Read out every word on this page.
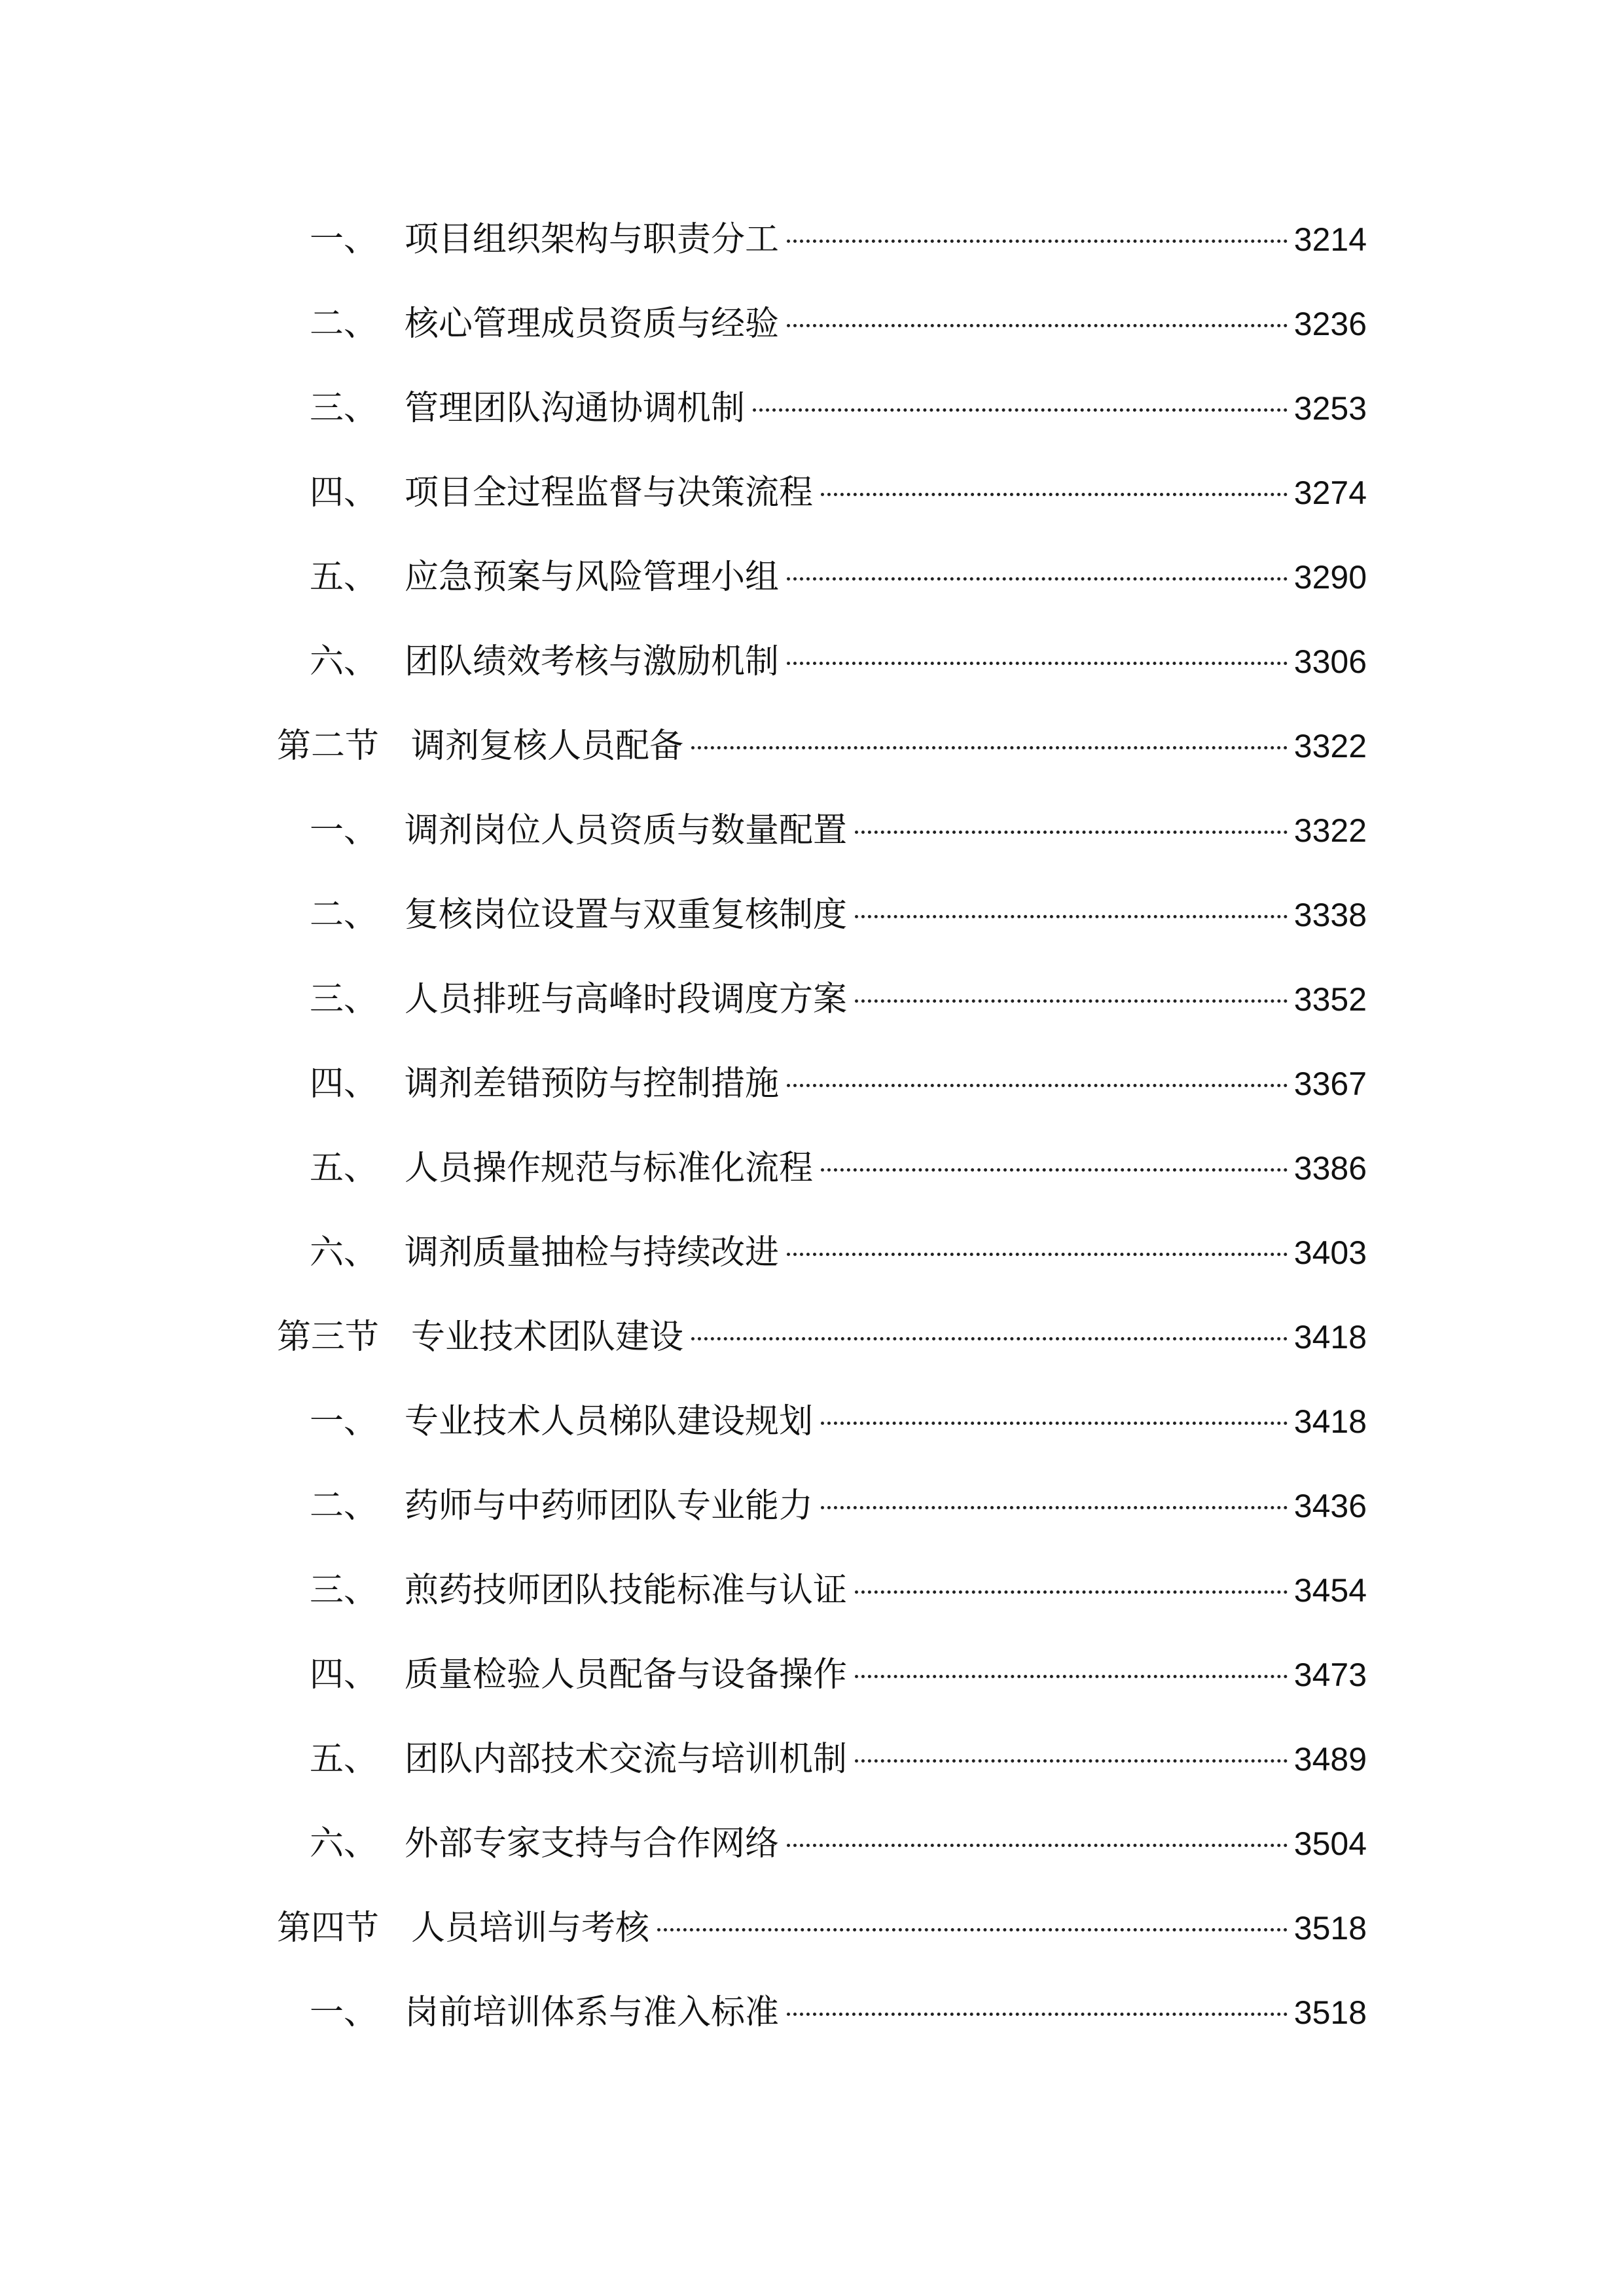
一、 项目组织架构与职责分工	3214
二、 核心管理成员资质与经验	3236
三、 管理团队沟通协调机制	3253
四、 项目全过程监督与决策流程	3274
五、 应急预案与风险管理小组	3290
六、 团队绩效考核与激励机制	3306
第二节 调剂复核人员配备	3322
一、 调剂岗位人员资质与数量配置	3322
二、 复核岗位设置与双重复核制度	3338
三、 人员排班与高峰时段调度方案	3352
四、 调剂差错预防与控制措施	3367
五、 人员操作规范与标准化流程	3386
六、 调剂质量抽检与持续改进	3403
第三节 专业技术团队建设	3418
一、 专业技术人员梯队建设规划	3418
二、 药师与中药师团队专业能力	3436
三、 煎药技师团队技能标准与认证	3454
四、 质量检验人员配备与设备操作	3473
五、 团队内部技术交流与培训机制	3489
六、 外部专家支持与合作网络	3504
第四节 人员培训与考核	3518
一、 岗前培训体系与准入标准	3518
